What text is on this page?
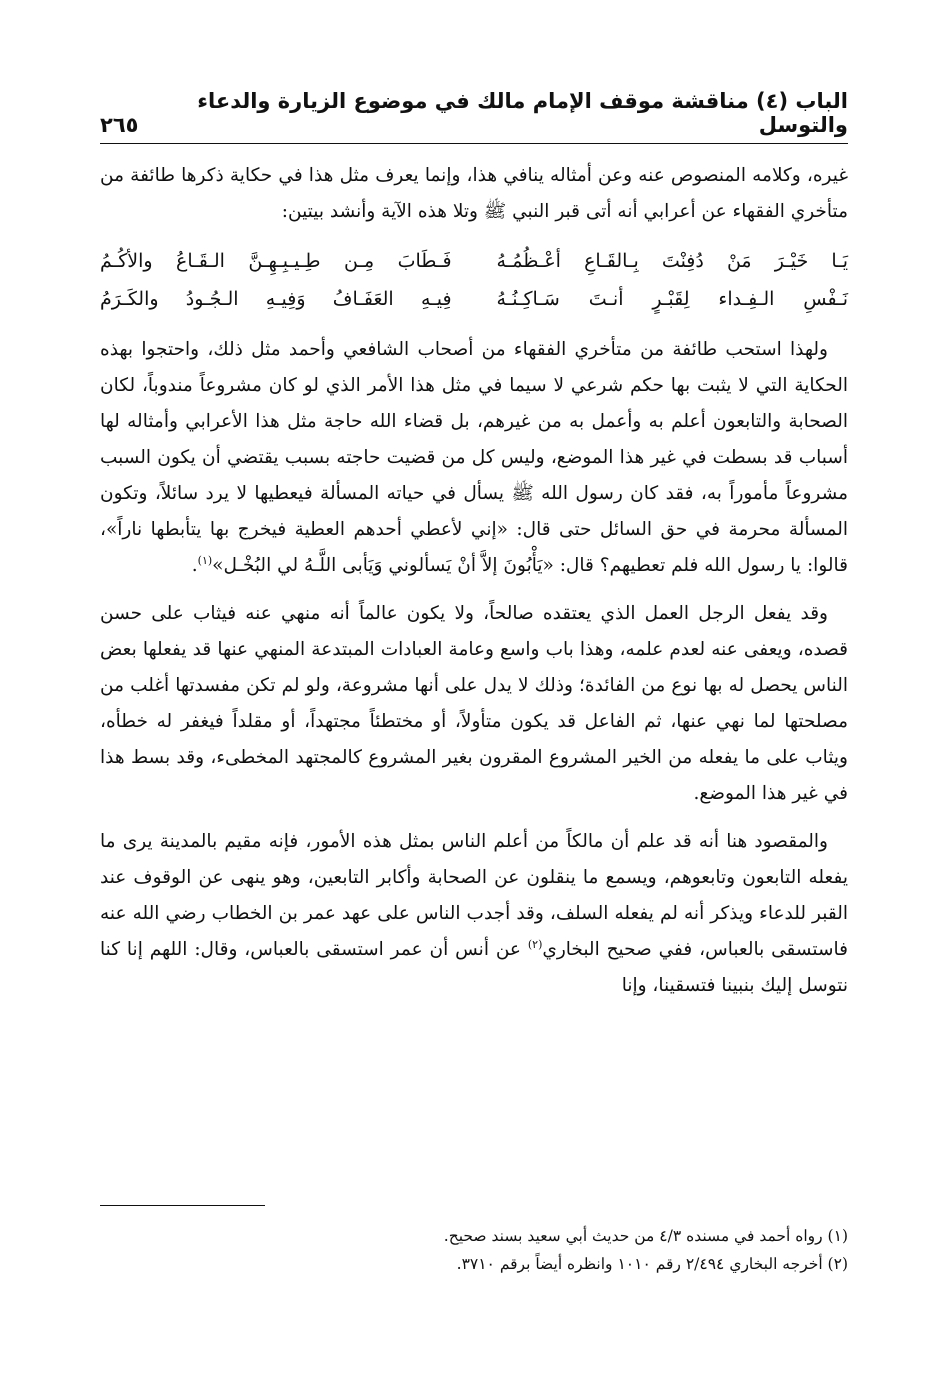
الباب (٤) مناقشة موقف الإمام مالك في موضوع الزيارة والدعاء والتوسل
٢٦٥

غيره، وكلامه المنصوص عنه وعن أمثاله ينافي هذا، وإنما يعرف مثل هذا في حكاية ذكرها طائفة من متأخري الفقهاء عن أعرابي أنه أتى قبر النبي ﷺ وتلا هذه الآية وأنشد بيتين:

يَـا خَيْـرَ مَنْ دُفِنْتَ بِـالقَـاعِ أعْـظُمُـهُ
فَـطَابَ مِـن طِـيـبِـهِـنَّ الـقَـاعُ والأكُـمُ
نَـفْسِ الـفِـداء لِقَبْـرٍ أنـتَ سَـاكِـنُـهُ
فِيـهِ العَفَـافُ وَفِيـهِ الـجُـودُ والكَـرَمُ

ولهذا استحب طائفة من متأخري الفقهاء من أصحاب الشافعي وأحمد مثل ذلك، واحتجوا بهذه الحكاية التي لا يثبت بها حكم شرعي لا سيما في مثل هذا الأمر الذي لو كان مشروعاً مندوباً، لكان الصحابة والتابعون أعلم به وأعمل به من غيرهم، بل قضاء الله حاجة مثل هذا الأعرابي وأمثاله لها أسباب قد بسطت في غير هذا الموضع، وليس كل من قضيت حاجته بسبب يقتضي أن يكون السبب مشروعاً مأموراً به، فقد كان رسول الله ﷺ يسأل في حياته المسألة فيعطيها لا يرد سائلاً، وتكون المسألة محرمة في حق السائل حتى قال: «إني لأعطي أحدهم العطية فيخرج بها يتأبطها ناراً»، قالوا: يا رسول الله فلم تعطيهم؟ قال: «يَأْبُونَ إلاَّ أنْ يَسألوني وَيَأبى اللَّـهُ لي البُخْـل»$^{(١)}$.

وقد يفعل الرجل العمل الذي يعتقده صالحاً، ولا يكون عالماً أنه منهي عنه فيثاب على حسن قصده، ويعفى عنه لعدم علمه، وهذا باب واسع وعامة العبادات المبتدعة المنهي عنها قد يفعلها بعض الناس يحصل له بها نوع من الفائدة؛ وذلك لا يدل على أنها مشروعة، ولو لم تكن مفسدتها أغلب من مصلحتها لما نهي عنها، ثم الفاعل قد يكون متأولاً، أو مختطئاً مجتهداً، أو مقلداً فيغفر له خطأه، ويثاب على ما يفعله من الخير المشروع المقرون بغير المشروع كالمجتهد المخطىء، وقد بسط هذا في غير هذا الموضع.

والمقصود هنا أنه قد علم أن مالكاً من أعلم الناس بمثل هذه الأمور، فإنه مقيم بالمدينة يرى ما يفعله التابعون وتابعوهم، ويسمع ما ينقلون عن الصحابة وأكابر التابعين، وهو ينهى عن الوقوف عند القبر للدعاء ويذكر أنه لم يفعله السلف، وقد أجدب الناس على عهد عمر بن الخطاب رضي الله عنه فاستسقى بالعباس، ففي صحيح البخاري$^{(٢)}$ عن أنس أن عمر استسقى بالعباس، وقال: اللهم إنا كنا نتوسل إليك بنبينا فتسقينا، وإنا

(١) رواه أحمد في مسنده ٤/٣ من حديث أبي سعيد بسند صحيح.

(٢) أخرجه البخاري ٢/٤٩٤ رقم ١٠١٠ وانظره أيضاً برقم ٣٧١٠.
